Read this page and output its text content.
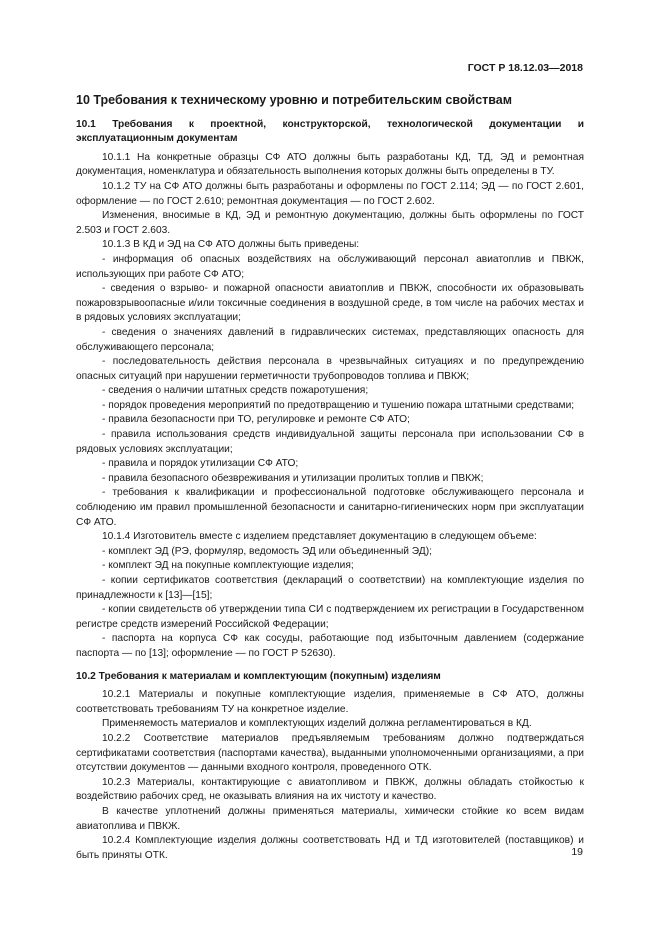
ГОСТ Р 18.12.03—2018
10 Требования к техническому уровню и потребительским свойствам
10.1 Требования к проектной, конструкторской, технологической документации и эксплуатационным документам

10.1.1 На конкретные образцы СФ АТО должны быть разработаны КД, ТД, ЭД и ремонтная документация, номенклатура и обязательность выполнения которых должны быть определены в ТУ.

10.1.2 ТУ на СФ АТО должны быть разработаны и оформлены по ГОСТ 2.114; ЭД — по ГОСТ 2.601, оформление — по ГОСТ 2.610; ремонтная документация — по ГОСТ 2.602.

Изменения, вносимые в КД, ЭД и ремонтную документацию, должны быть оформлены по ГОСТ 2.503 и ГОСТ 2.603.

10.1.3 В КД и ЭД на СФ АТО должны быть приведены:

- информация об опасных воздействиях на обслуживающий персонал авиатоплив и ПВКЖ, использующих при работе СФ АТО;

- сведения о взрыво- и пожарной опасности авиатоплив и ПВКЖ, способности их образовывать пожаровзрывоопасные и/или токсичные соединения в воздушной среде, в том числе на рабочих местах и в рядовых условиях эксплуатации;

- сведения о значениях давлений в гидравлических системах, представляющих опасность для обслуживающего персонала;

- последовательность действия персонала в чрезвычайных ситуациях и по предупреждению опасных ситуаций при нарушении герметичности трубопроводов топлива и ПВКЖ;

- сведения о наличии штатных средств пожаротушения;

- порядок проведения мероприятий по предотвращению и тушению пожара штатными средствами;

- правила безопасности при ТО, регулировке и ремонте СФ АТО;

- правила использования средств индивидуальной защиты персонала при использовании СФ в рядовых условиях эксплуатации;

- правила и порядок утилизации СФ АТО;

- правила безопасного обезвреживания и утилизации пролитых топлив и ПВКЖ;

- требования к квалификации и профессиональной подготовке обслуживающего персонала и соблюдению им правил промышленной безопасности и санитарно-гигиенических норм при эксплуатации СФ АТО.

10.1.4 Изготовитель вместе с изделием представляет документацию в следующем объеме:

- комплект ЭД (РЭ, формуляр, ведомость ЭД или объединенный ЭД);

- комплект ЭД на покупные комплектующие изделия;

- копии сертификатов соответствия (деклараций о соответствии) на комплектующие изделия по принадлежности к [13]—[15];

- копии свидетельств об утверждении типа СИ с подтверждением их регистрации в Государственном регистре средств измерений Российской Федерации;

- паспорта на корпуса СФ как сосуды, работающие под избыточным давлением (содержание паспорта — по [13]; оформление — по ГОСТ Р 52630).

10.2 Требования к материалам и комплектующим (покупным) изделиям

10.2.1 Материалы и покупные комплектующие изделия, применяемые в СФ АТО, должны соответствовать требованиям ТУ на конкретное изделие.

Применяемость материалов и комплектующих изделий должна регламентироваться в КД.

10.2.2 Соответствие материалов предъявляемым требованиям должно подтверждаться сертификатами соответствия (паспортами качества), выданными уполномоченными организациями, а при отсутствии документов — данными входного контроля, проведенного ОТК.

10.2.3 Материалы, контактирующие с авиатопливом и ПВКЖ, должны обладать стойкостью к воздействию рабочих сред, не оказывать влияния на их чистоту и качество.

В качестве уплотнений должны применяться материалы, химически стойкие ко всем видам авиатоплива и ПВКЖ.

10.2.4 Комплектующие изделия должны соответствовать НД и ТД изготовителей (поставщиков) и быть приняты ОТК.	19
